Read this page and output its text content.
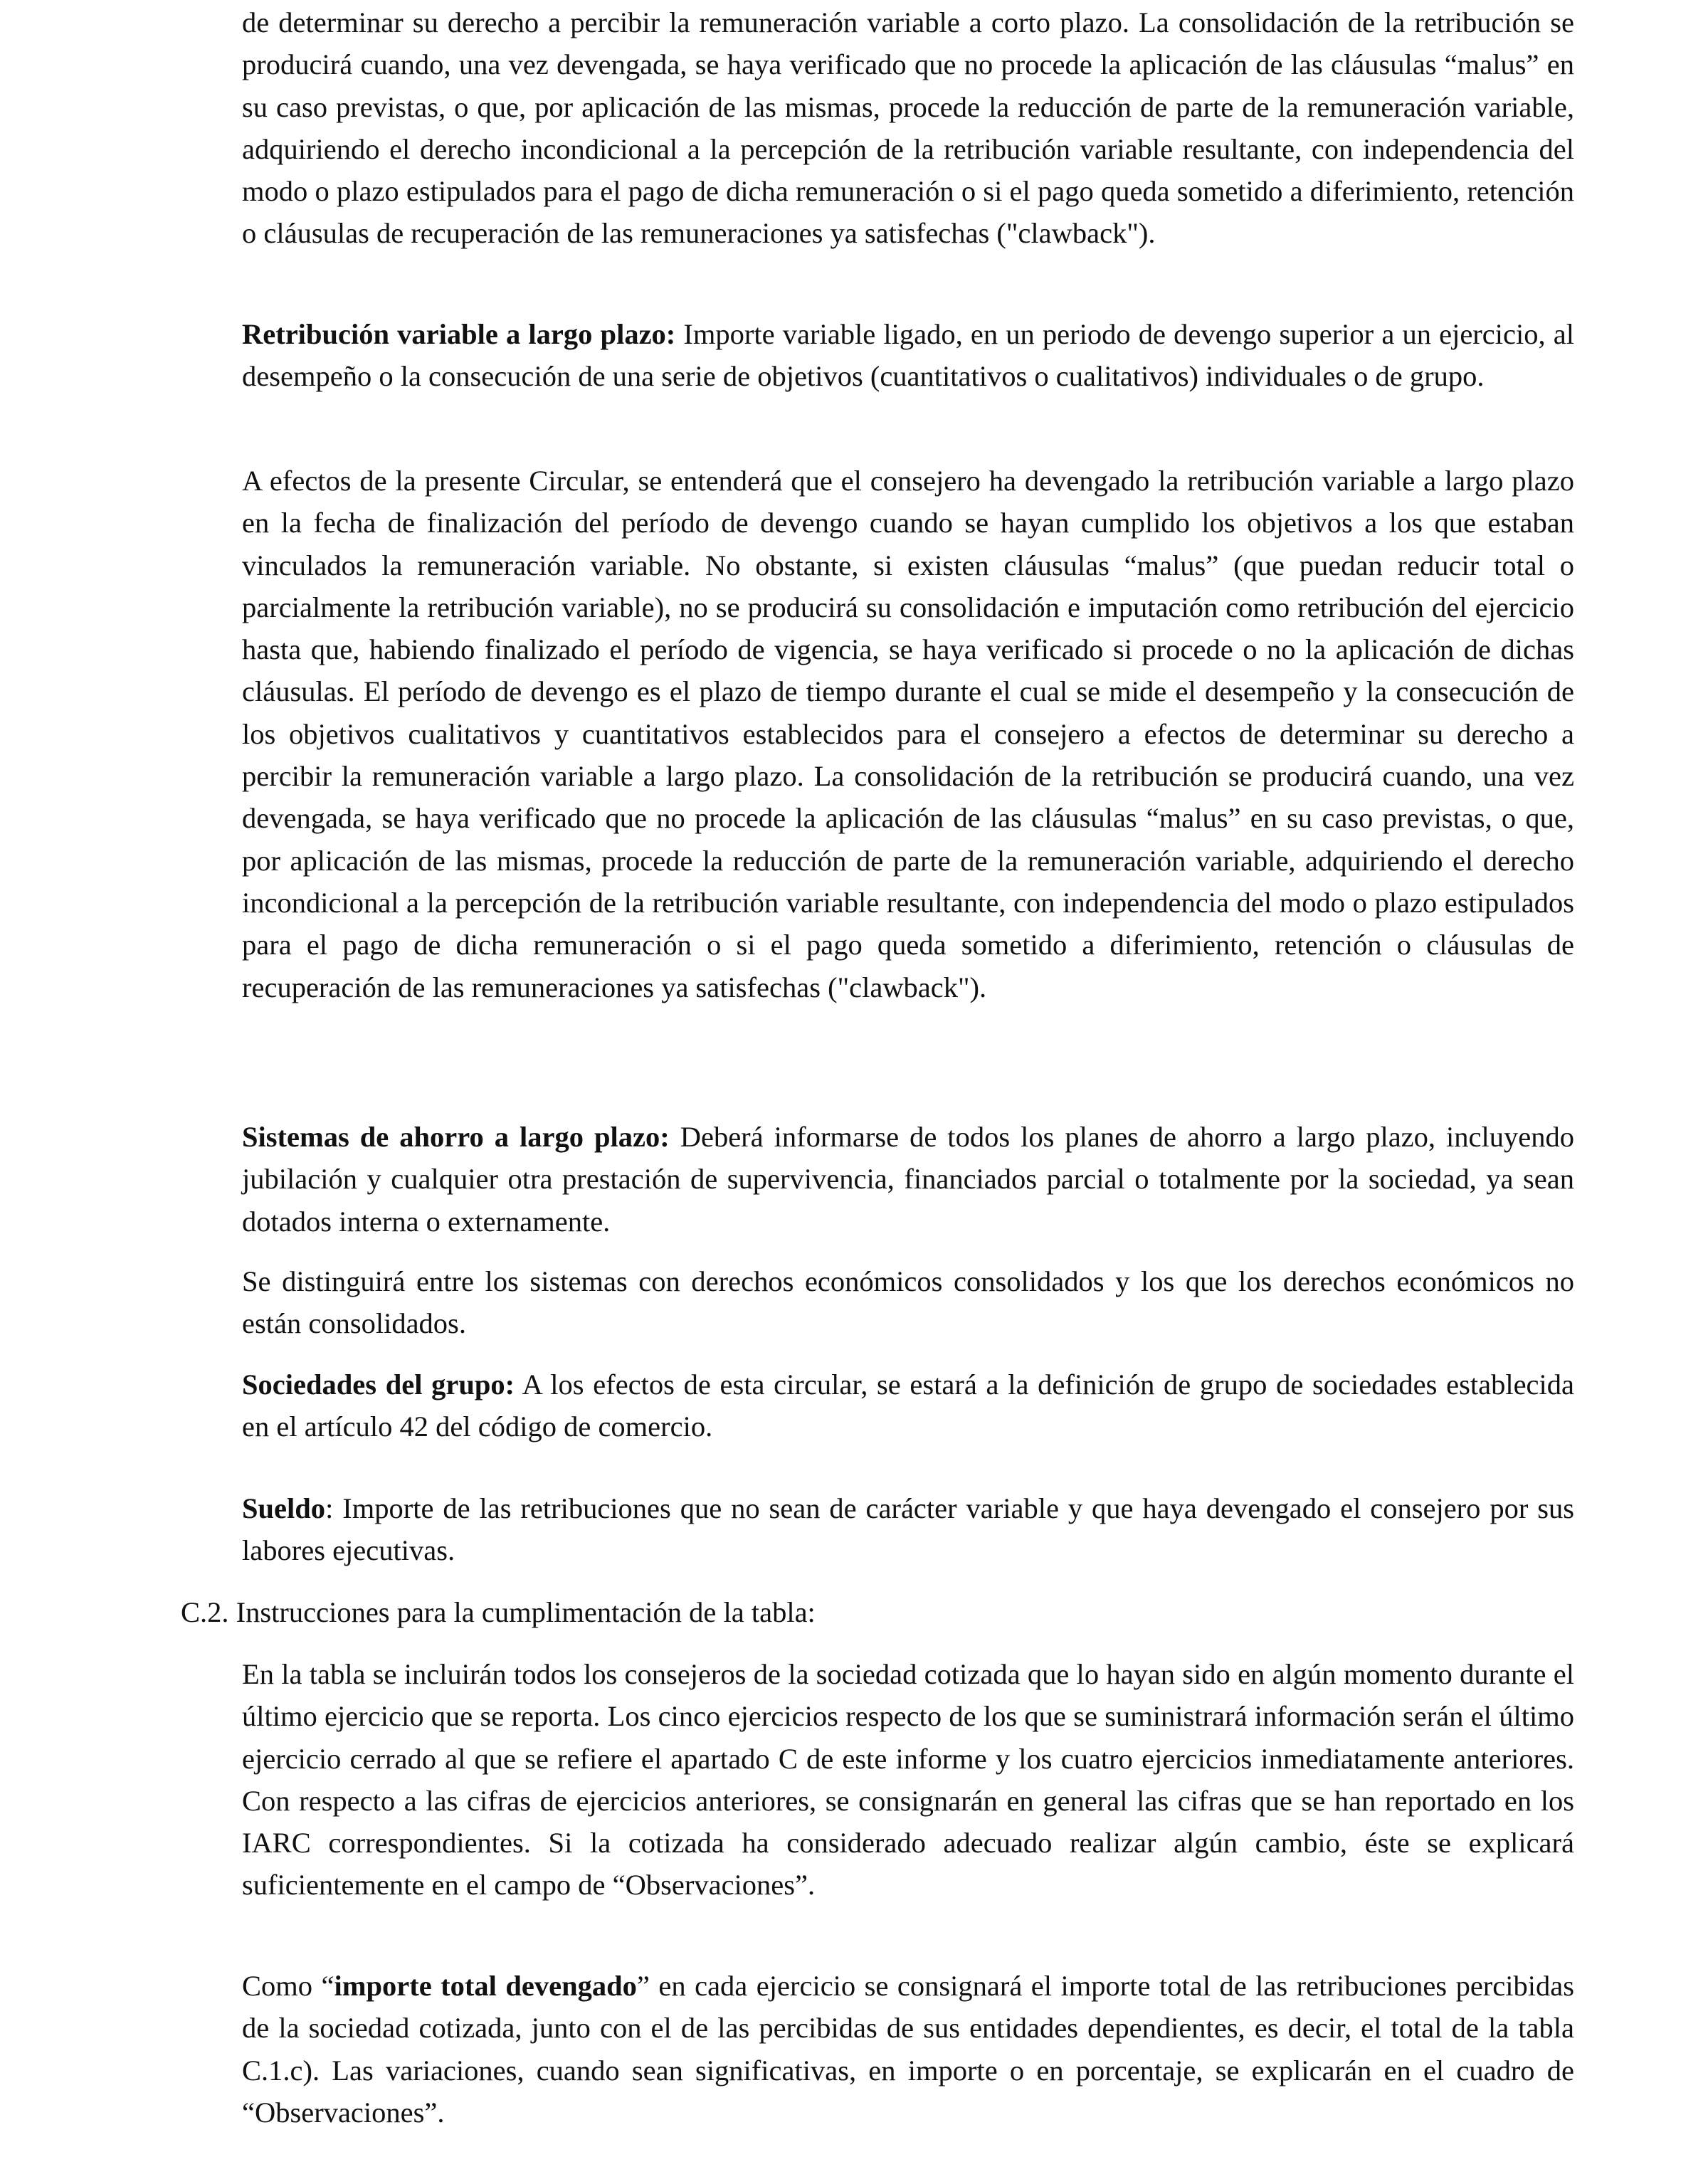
de determinar su derecho a percibir la remuneración variable a corto plazo. La consolidación de la retribución se producirá cuando, una vez devengada, se haya verificado que no procede la aplicación de las cláusulas “malus” en su caso previstas, o que, por aplicación de las mismas, procede la reducción de parte de la remuneración variable, adquiriendo el derecho incondicional a la percepción de la retribución variable resultante, con independencia del modo o plazo estipulados para el pago de dicha remuneración o si el pago queda sometido a diferimiento, retención o cláusulas de recuperación de las remuneraciones ya satisfechas ("clawback").

Retribución variable a largo plazo: Importe variable ligado, en un periodo de devengo superior a un ejercicio, al desempeño o la consecución de una serie de objetivos (cuantitativos o cualitativos) individuales o de grupo.

A efectos de la presente Circular, se entenderá que el consejero ha devengado la retribución variable a largo plazo en la fecha de finalización del período de devengo cuando se hayan cumplido los objetivos a los que estaban vinculados la remuneración variable. No obstante, si existen cláusulas “malus” (que puedan reducir total o parcialmente la retribución variable), no se producirá su consolidación e imputación como retribución del ejercicio hasta que, habiendo finalizado el período de vigencia, se haya verificado si procede o no la aplicación de dichas cláusulas. El período de devengo es el plazo de tiempo durante el cual se mide el desempeño y la consecución de los objetivos cualitativos y cuantitativos establecidos para el consejero a efectos de determinar su derecho a percibir la remuneración variable a largo plazo. La consolidación de la retribución se producirá cuando, una vez devengada, se haya verificado que no procede la aplicación de las cláusulas “malus” en su caso previstas, o que, por aplicación de las mismas, procede la reducción de parte de la remuneración variable, adquiriendo el derecho incondicional a la percepción de la retribución variable resultante, con independencia del modo o plazo estipulados para el pago de dicha remuneración o si el pago queda sometido a diferimiento, retención o cláusulas de recuperación de las remuneraciones ya satisfechas ("clawback").

Sistemas de ahorro a largo plazo: Deberá informarse de todos los planes de ahorro a largo plazo, incluyendo jubilación y cualquier otra prestación de supervivencia, financiados parcial o totalmente por la sociedad, ya sean dotados interna o externamente.

Se distinguirá entre los sistemas con derechos económicos consolidados y los que los derechos económicos no están consolidados.

Sociedades del grupo: A los efectos de esta circular, se estará a la definición de grupo de sociedades establecida en el artículo 42 del código de comercio.

Sueldo: Importe de las retribuciones que no sean de carácter variable y que haya devengado el consejero por sus labores ejecutivas.

C.2. Instrucciones para la cumplimentación de la tabla:

En la tabla se incluirán todos los consejeros de la sociedad cotizada que lo hayan sido en algún momento durante el último ejercicio que se reporta. Los cinco ejercicios respecto de los que se suministrará información serán el último ejercicio cerrado al que se refiere el apartado C de este informe y los cuatro ejercicios inmediatamente anteriores. Con respecto a las cifras de ejercicios anteriores, se consignarán en general las cifras que se han reportado en los IARC correspondientes. Si la cotizada ha considerado adecuado realizar algún cambio, éste se explicará suficientemente en el campo de “Observaciones”.

Como “importe total devengado” en cada ejercicio se consignará el importe total de las retribuciones percibidas de la sociedad cotizada, junto con el de las percibidas de sus entidades dependientes, es decir, el total de la tabla C.1.c). Las variaciones, cuando sean significativas, en importe o en porcentaje, se explicarán en el cuadro de “Observaciones”.
